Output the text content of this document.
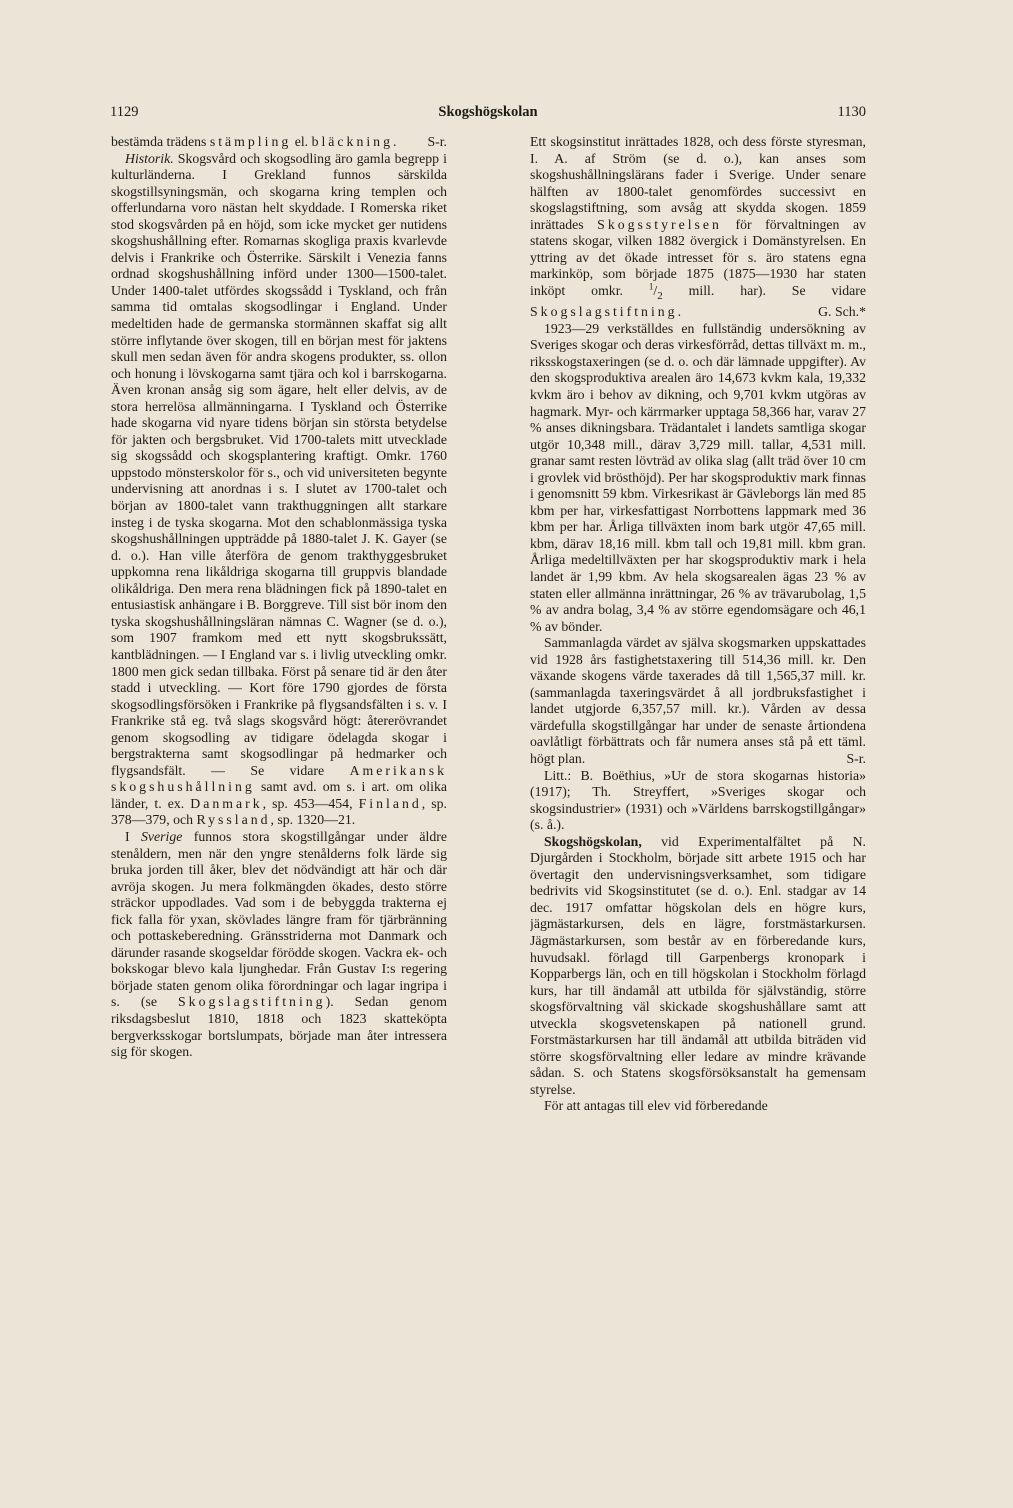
1129	Skogshögskolan	1130

bestämda trädens stämpling el. bläckning. S-r.

Historik. Skogsvård och skogsodling äro gamla begrepp i kulturländerna. I Grekland funnos särskilda skogstillsyningsmän, och skogarna kring templen och offerlundarna voro nästan helt skyddade. I Romerska riket stod skogsvården på en höjd, som icke mycket ger nutidens skogshushållning efter. Romarnas skogliga praxis kvarlevde delvis i Frankrike och Österrike. Särskilt i Venezia fanns ordnad skogshushållning införd under 1300—1500-talet. Under 1400-talet utfördes skogssådd i Tyskland, och från samma tid omtalas skogsodlingar i England. Under medeltiden hade de germanska stormännen skaffat sig allt större inflytande över skogen, till en början mest för jaktens skull men sedan även för andra skogens produkter, ss. ollon och honung i lövskogarna samt tjära och kol i barrskogarna. Även kronan ansåg sig som ägare, helt eller delvis, av de stora herrelösa allmänningarna. I Tyskland och Österrike hade skogarna vid nyare tidens början sin största betydelse för jakten och bergsbruket. Vid 1700-talets mitt utvecklade sig skogssådd och skogsplantering kraftigt. Omkr. 1760 uppstodo mönsterskolor för s., och vid universiteten begynte undervisning att anordnas i s. I slutet av 1700-talet och början av 1800-talet vann trakthuggningen allt starkare insteg i de tyska skogarna. Mot den schablonmässiga tyska skogshushållningen uppträdde på 1880-talet J. K. Gayer (se d. o.). Han ville återföra de genom trakthyggesbruket uppkomna rena likåldriga skogarna till gruppvis blandade olikåldriga. Den mera rena blädningen fick på 1890-talet en entusiastisk anhängare i B. Borggreve. Till sist bör inom den tyska skogshushållningsläran nämnas C. Wagner (se d. o.), som 1907 framkom med ett nytt skogsbrukssätt, kantblädningen. — I England var s. i livlig utveckling omkr. 1800 men gick sedan tillbaka. Först på senare tid är den åter stadd i utveckling. — Kort före 1790 gjordes de första skogsodlingsförsöken i Frankrike på flygsandsfälten i s. v. I Frankrike stå eg. två slags skogsvård högt: återerövrandet genom skogsodling av tidigare ödelagda skogar i bergstrakterna samt skogsodlingar på hedmarker och flygsandsfält. — Se vidare Amerikansk skogshushållning samt avd. om s. i art. om olika länder, t. ex. Danmark, sp. 453—454, Finland, sp. 378—379, och Ryssland, sp. 1320—21.

I Sverige funnos stora skogstillgångar under äldre stenåldern, men när den yngre stenålderns folk lärde sig bruka jorden till åker, blev det nödvändigt att här och där avröja skogen. Ju mera folkmängden ökades, desto större sträckor uppodlades. Vad som i de bebyggda trakterna ej fick falla för yxan, skövlades längre fram för tjärbränning och pottaskeberedning. Gränsstriderna mot Danmark och därunder rasande skogseldar förödde skogen. Vackra ek- och bokskogar blevo kala ljunghedar. Från Gustav I:s regering började staten genom olika förordningar och lagar ingripa i s. (se Skogslagstiftning). Sedan genom riksdagsbeslut 1810, 1818 och 1823 skatteköpta bergverksskogar bortslumpats, började man åter intressera sig för skogen.

Ett skogsinstitut inrättades 1828, och dess förste styresman, I. A. af Ström (se d. o.), kan anses som skogshushållningslärans fader i Sverige. Under senare hälften av 1800-talet genomfördes successivt en skogslagstiftning, som avsåg att skydda skogen. 1859 inrättades Skogsstyrelsen för förvaltningen av statens skogar, vilken 1882 övergick i Domänstyrelsen. En yttring av det ökade intresset för s. äro statens egna markinköp, som började 1875 (1875—1930 har staten inköpt omkr. $^1/_2$ mill. har). Se vidare Skogslagstiftning.	G. Sch.*

1923—29 verkställdes en fullständig undersökning av Sveriges skogar och deras virkesförråd, dettas tillväxt m. m., riksskogstaxeringen (se d. o. och där lämnade uppgifter). Av den skogsproduktiva arealen äro 14,673 kvkm kala, 19,332 kvkm äro i behov av dikning, och 9,701 kvkm utgöras av hagmark. Myr- och kärrmarker upptaga 58,366 har, varav 27 % anses dikningsbara. Trädantalet i landets samtliga skogar utgör 10,348 mill., därav 3,729 mill. tallar, 4,531 mill. granar samt resten lövträd av olika slag (allt träd över 10 cm i grovlek vid brösthöjd). Per har skogsproduktiv mark finnas i genomsnitt 59 kbm. Virkesrikast är Gävleborgs län med 85 kbm per har, virkesfattigast Norrbottens lappmark med 36 kbm per har. Årliga tillväxten inom bark utgör 47,65 mill. kbm, därav 18,16 mill. kbm tall och 19,81 mill. kbm gran. Årliga medeltillväxten per har skogsproduktiv mark i hela landet är 1,99 kbm. Av hela skogsarealen ägas 23 % av staten eller allmänna inrättningar, 26 % av trävarubolag, 1,5 % av andra bolag, 3,4 % av större egendomsägare och 46,1 % av bönder.

Sammanlagda värdet av själva skogsmarken uppskattades vid 1928 års fastighetstaxering till 514,36 mill. kr. Den växande skogens värde taxerades då till 1,565,37 mill. kr. (sammanlagda taxeringsvärdet å all jordbruksfastighet i landet utgjorde 6,357,57 mill. kr.). Vården av dessa värdefulla skogstillgångar har under de senaste årtiondena oavlåtligt förbättrats och får numera anses stå på ett täml. högt plan.	S-r.

Litt.: B. Boëthius, »Ur de stora skogarnas historia» (1917); Th. Streyffert, »Sveriges skogar och skogsindustrier» (1931) och »Världens barrskogstillgångar» (s. å.).

Skogshögskolan, vid Experimentalfältet på N. Djurgården i Stockholm, började sitt arbete 1915 och har övertagit den undervisningsverksamhet, som tidigare bedrivits vid Skogsinstitutet (se d. o.). Enl. stadgar av 14 dec. 1917 omfattar högskolan dels en högre kurs, jägmästarkursen, dels en lägre, forstmästarkursen. Jägmästarkursen, som består av en förberedande kurs, huvudsakl. förlagd till Garpenbergs kronopark i Kopparbergs län, och en till högskolan i Stockholm förlagd kurs, har till ändamål att utbilda för självständig, större skogsförvaltning väl skickade skogshushållare samt att utveckla skogsvetenskapen på nationell grund. Forstmästarkursen har till ändamål att utbilda biträden vid större skogsförvaltning eller ledare av mindre krävande sådan. S. och Statens skogsförsöksanstalt ha gemensam styrelse.

För att antagas till elev vid förberedande
